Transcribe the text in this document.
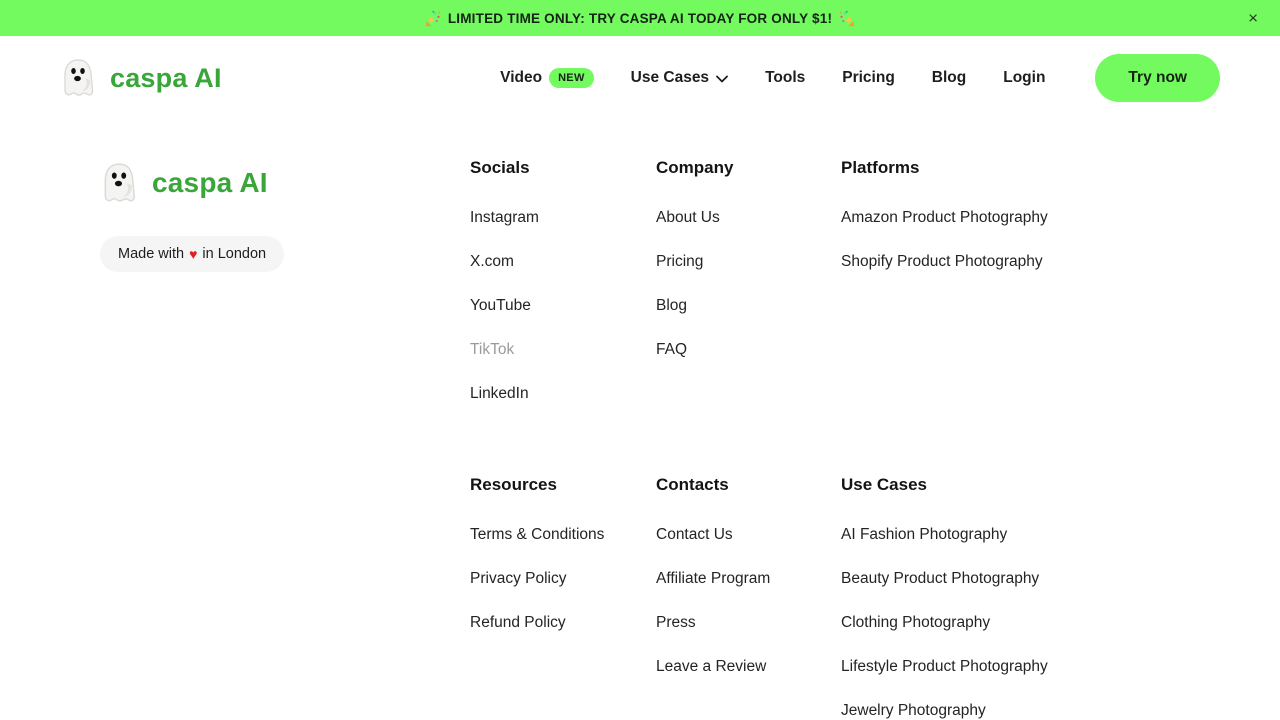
LIMITED TIME ONLY: TRY CASPA AI TODAY FOR ONLY $1!	×
caspa AI	Video	NEW	Use Cases	Tools Pricing Blog Login	Try now
caspa AI
Made with ♥ in London
Socials
Instagram
X.com
YouTube
TikTok
LinkedIn
Company
About Us
Pricing
Blog
FAQ
Platforms
Amazon Product Photography
Shopify Product Photography
Resources
Terms & Conditions
Privacy Policy
Refund Policy
Contacts
Contact Us
Affiliate Program
Press
Leave a Review
Use Cases
AI Fashion Photography
Beauty Product Photography
Clothing Photography
Lifestyle Product Photography
Jewelry Photography
